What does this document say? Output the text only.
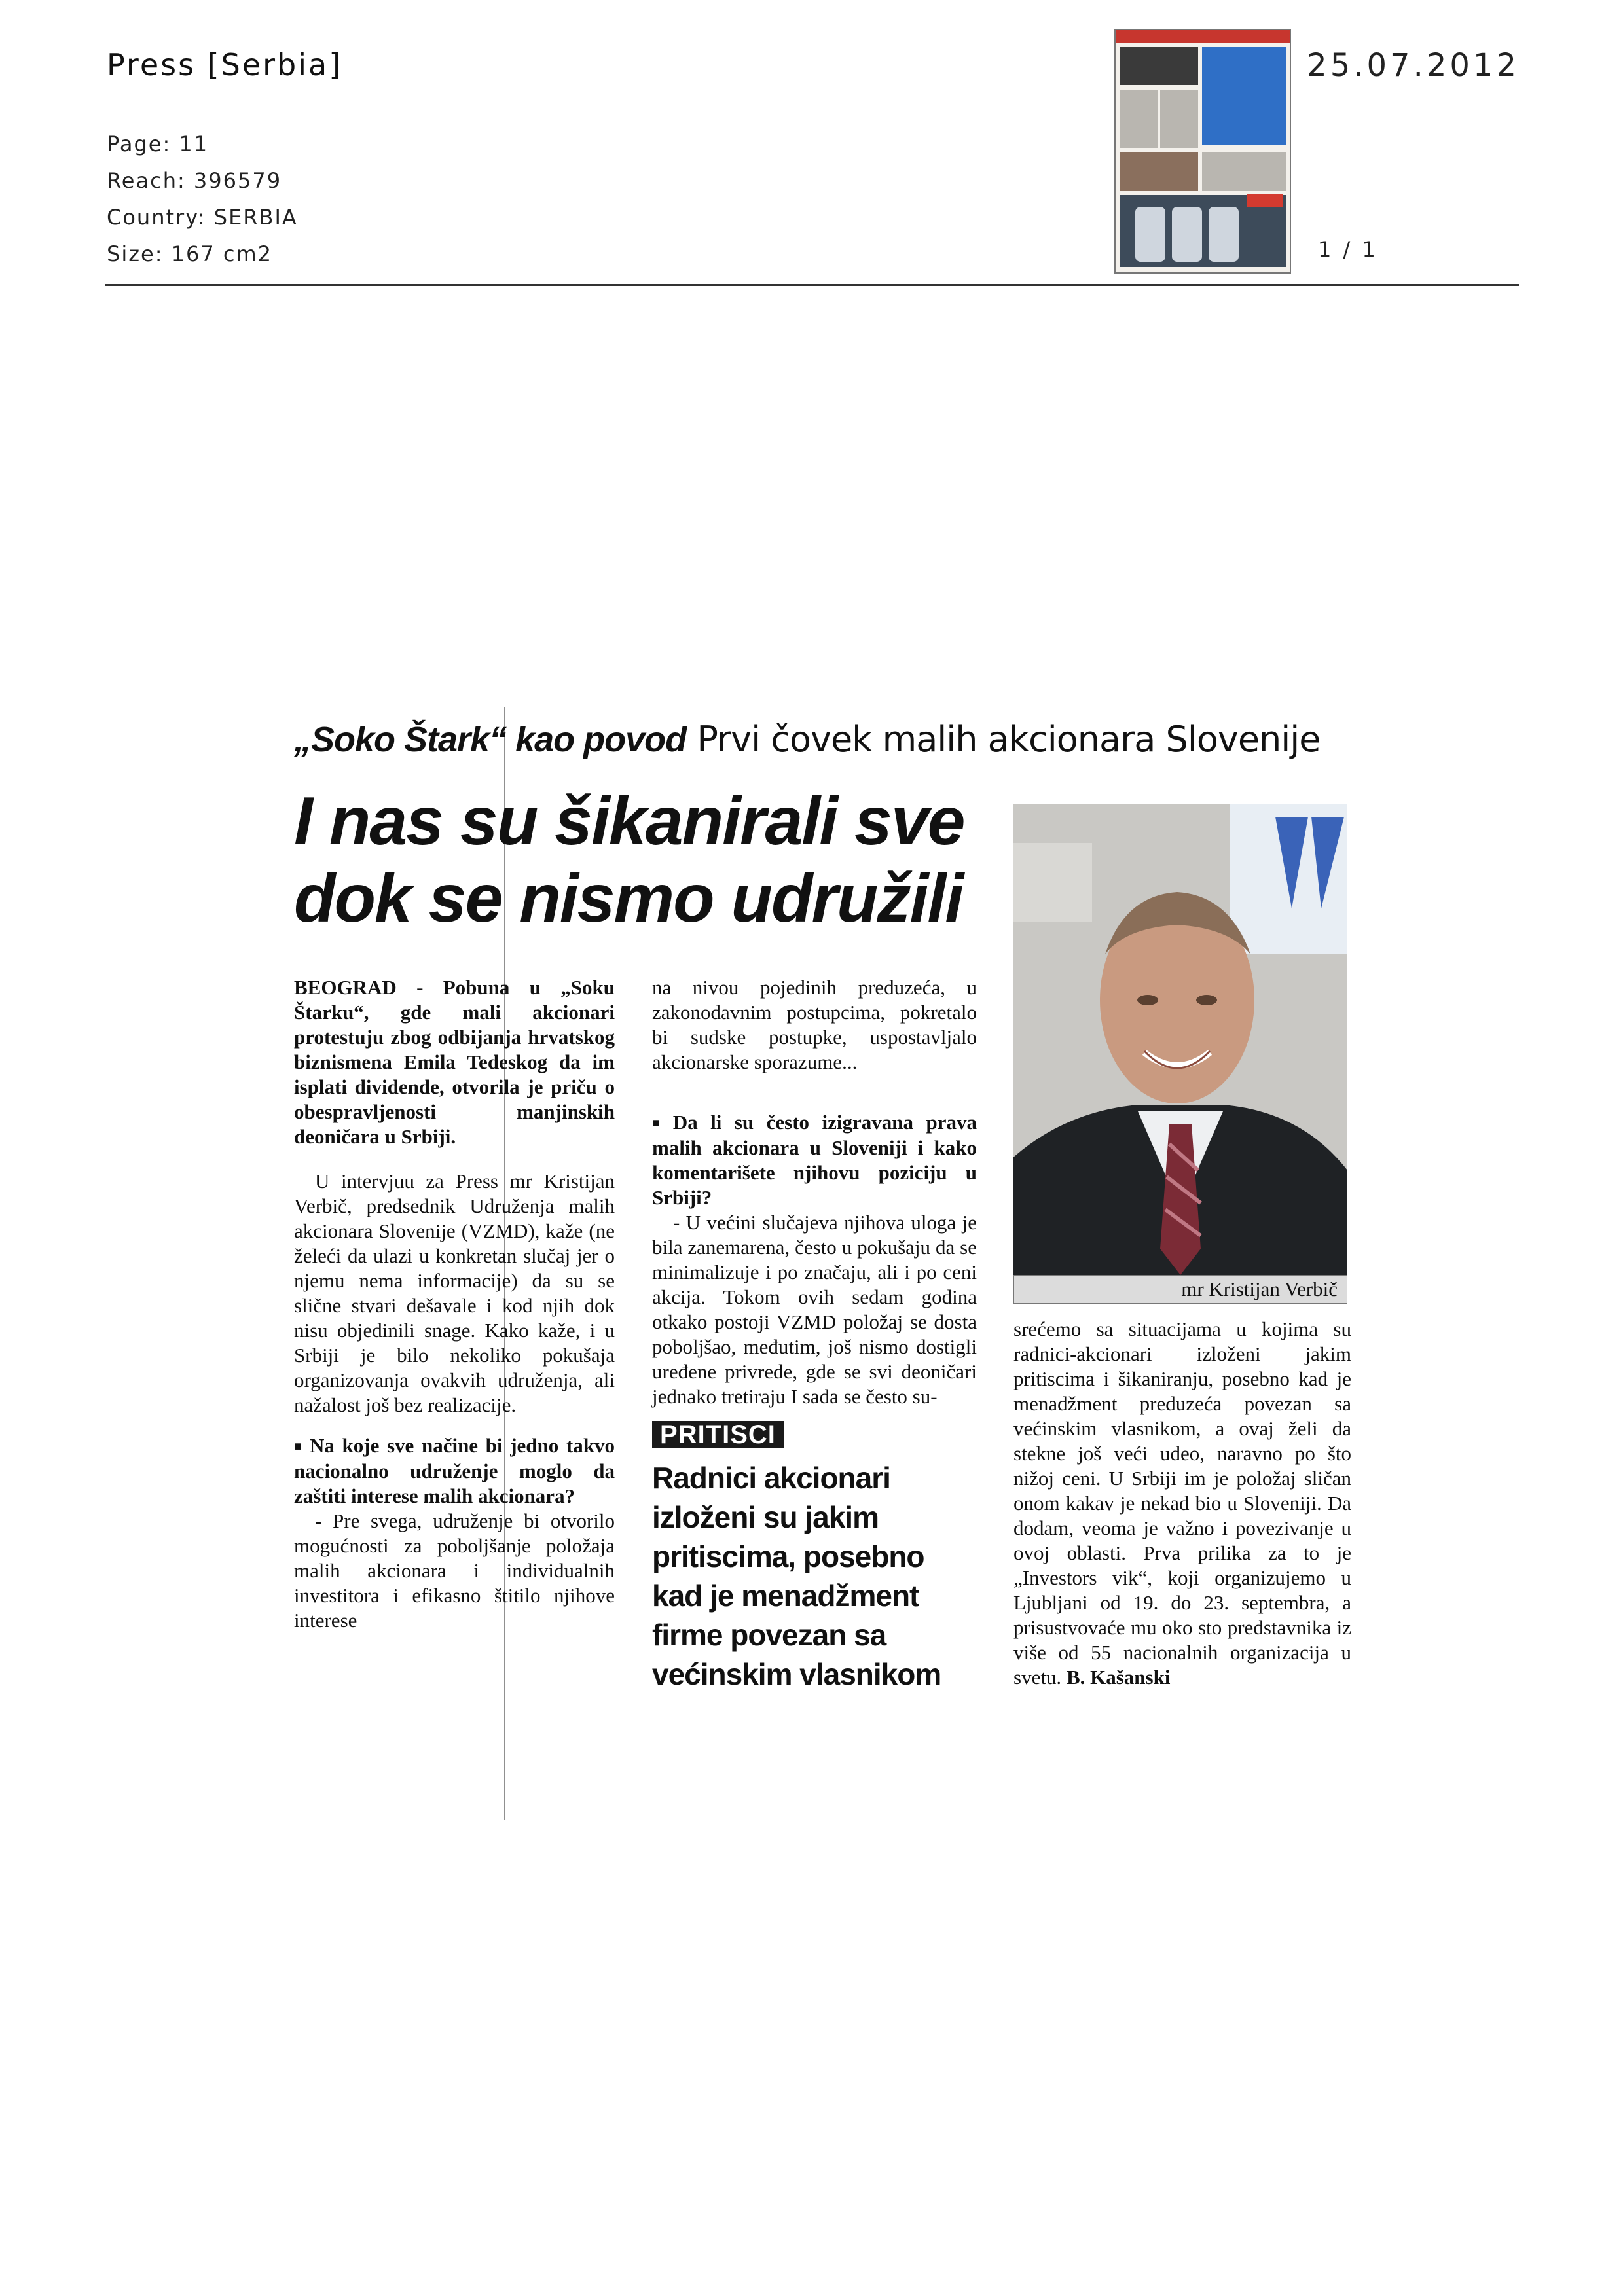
Press [Serbia]
Page: 11
Reach: 396579
Country: SERBIA
Size: 167 cm2
25.07.2012
1 / 1
„Soko Štark“ kao povod Prvi čovek malih akcionara Slovenije
I nas su šikanirali sve dok se nismo udružili

BEOGRAD - Pobuna u „Soku Štarku“, gde mali akcionari protestuju zbog odbijanja hrvatskog biznismena Emila Tedeskog da im isplati dividende, otvorila je priču o obespravljenosti manjinskih deoničara u Srbiji.

U intervjuu za Press mr Kristijan Verbič, predsednik Udruženja malih akcionara Slovenije (VZMD), kaže (ne želeći da ulazi u konkretan slučaj jer o njemu nema informacije) da su se slične stvari dešavale i kod njih dok nisu objedinili snage. Kako kaže, i u Srbiji je bilo nekoliko pokušaja organizovanja ovakvih udruženja, ali nažalost još bez realizacije.

■ Na koje sve načine bi jedno takvo nacionalno udruženje moglo da zaštiti interese malih akcionara?

- Pre svega, udruženje bi otvorilo mogućnosti za poboljšanje položaja malih akcionara i individualnih investitora i efikasno štitilo njihove interese

na nivou pojedinih preduzeća, u zakonodavnim postupcima, pokretalo bi sudske postupke, uspostavljalo akcionarske sporazume...

■ Da li su često izigravana prava malih akcionara u Sloveniji i kako komentarišete njihovu poziciju u Srbiji?

- U većini slučajeva njihova uloga je bila zanemarena, često u pokušaju da se minimalizuje i po značaju, ali i po ceni akcija. Tokom ovih sedam godina otkako postoji VZMD položaj se dosta poboljšao, međutim, još nismo dostigli uređene privrede, gde se svi deoničari jednako tretiraju I sada se često su-

PRITISCI
Radnici akcionari izloženi su jakim pritiscima, posebno kad je menadžment firme povezan sa većinskim vlasnikom
mr Kristijan Verbič

srećemo sa situacijama u kojima su radnici-akcionari izloženi jakim pritiscima i šikaniranju, posebno kad je menadžment preduzeća povezan sa većinskim vlasnikom, a ovaj želi da stekne još veći udeo, naravno po što nižoj ceni. U Srbiji im je položaj sličan onom kakav je nekad bio u Sloveniji. Da dodam, veoma je važno i povezivanje u ovoj oblasti. Prva prilika za to je „Investors vik“, koji organizujemo u Ljubljani od 19. do 23. septembra, a prisustvovaće mu oko sto predstavnika iz više od 55 nacionalnih organizacija u svetu. B. Kašanski
